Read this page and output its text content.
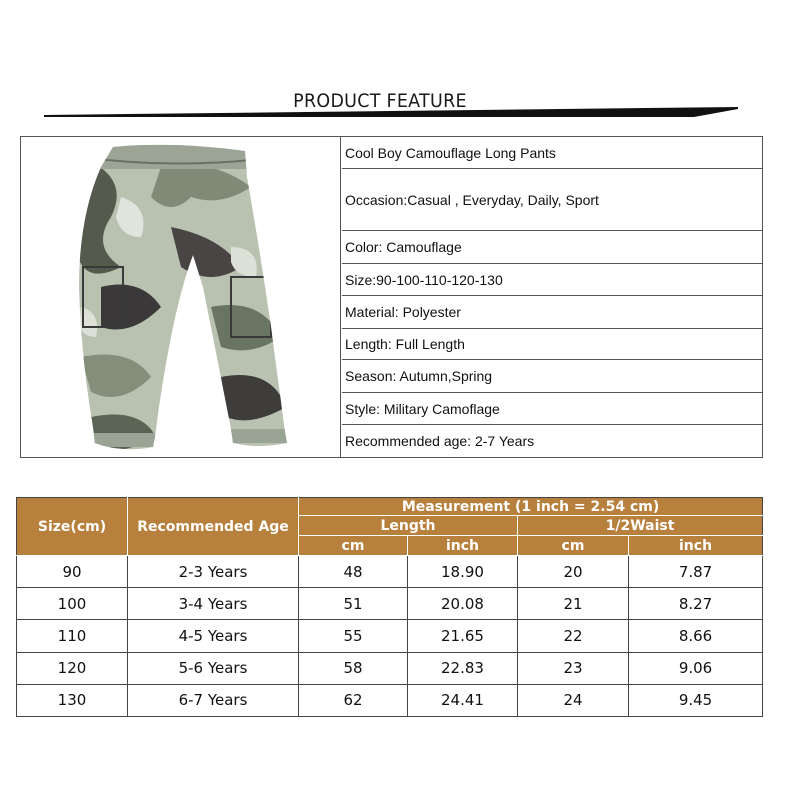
PRODUCT FEATURE
Cool Boy Camouflage Long Pants
Occasion:Casual , Everyday, Daily, Sport
Color: Camouflage
Size:90-100-110-120-130
Material: Polyester
Length: Full Length
Season: Autumn,Spring
Style: Military Camoflage
Recommended age: 2-7 Years
Size(cm)	Recommended Age	Measurement (1 inch = 2.54 cm)			
		Length		1/2Waist	
		cm	inch	cm	inch
90	2-3 Years	48	18.90	20	7.87
100	3-4 Years	51	20.08	21	8.27
110	4-5 Years	55	21.65	22	8.66
120	5-6 Years	58	22.83	23	9.06
130	6-7 Years	62	24.41	24	9.45
